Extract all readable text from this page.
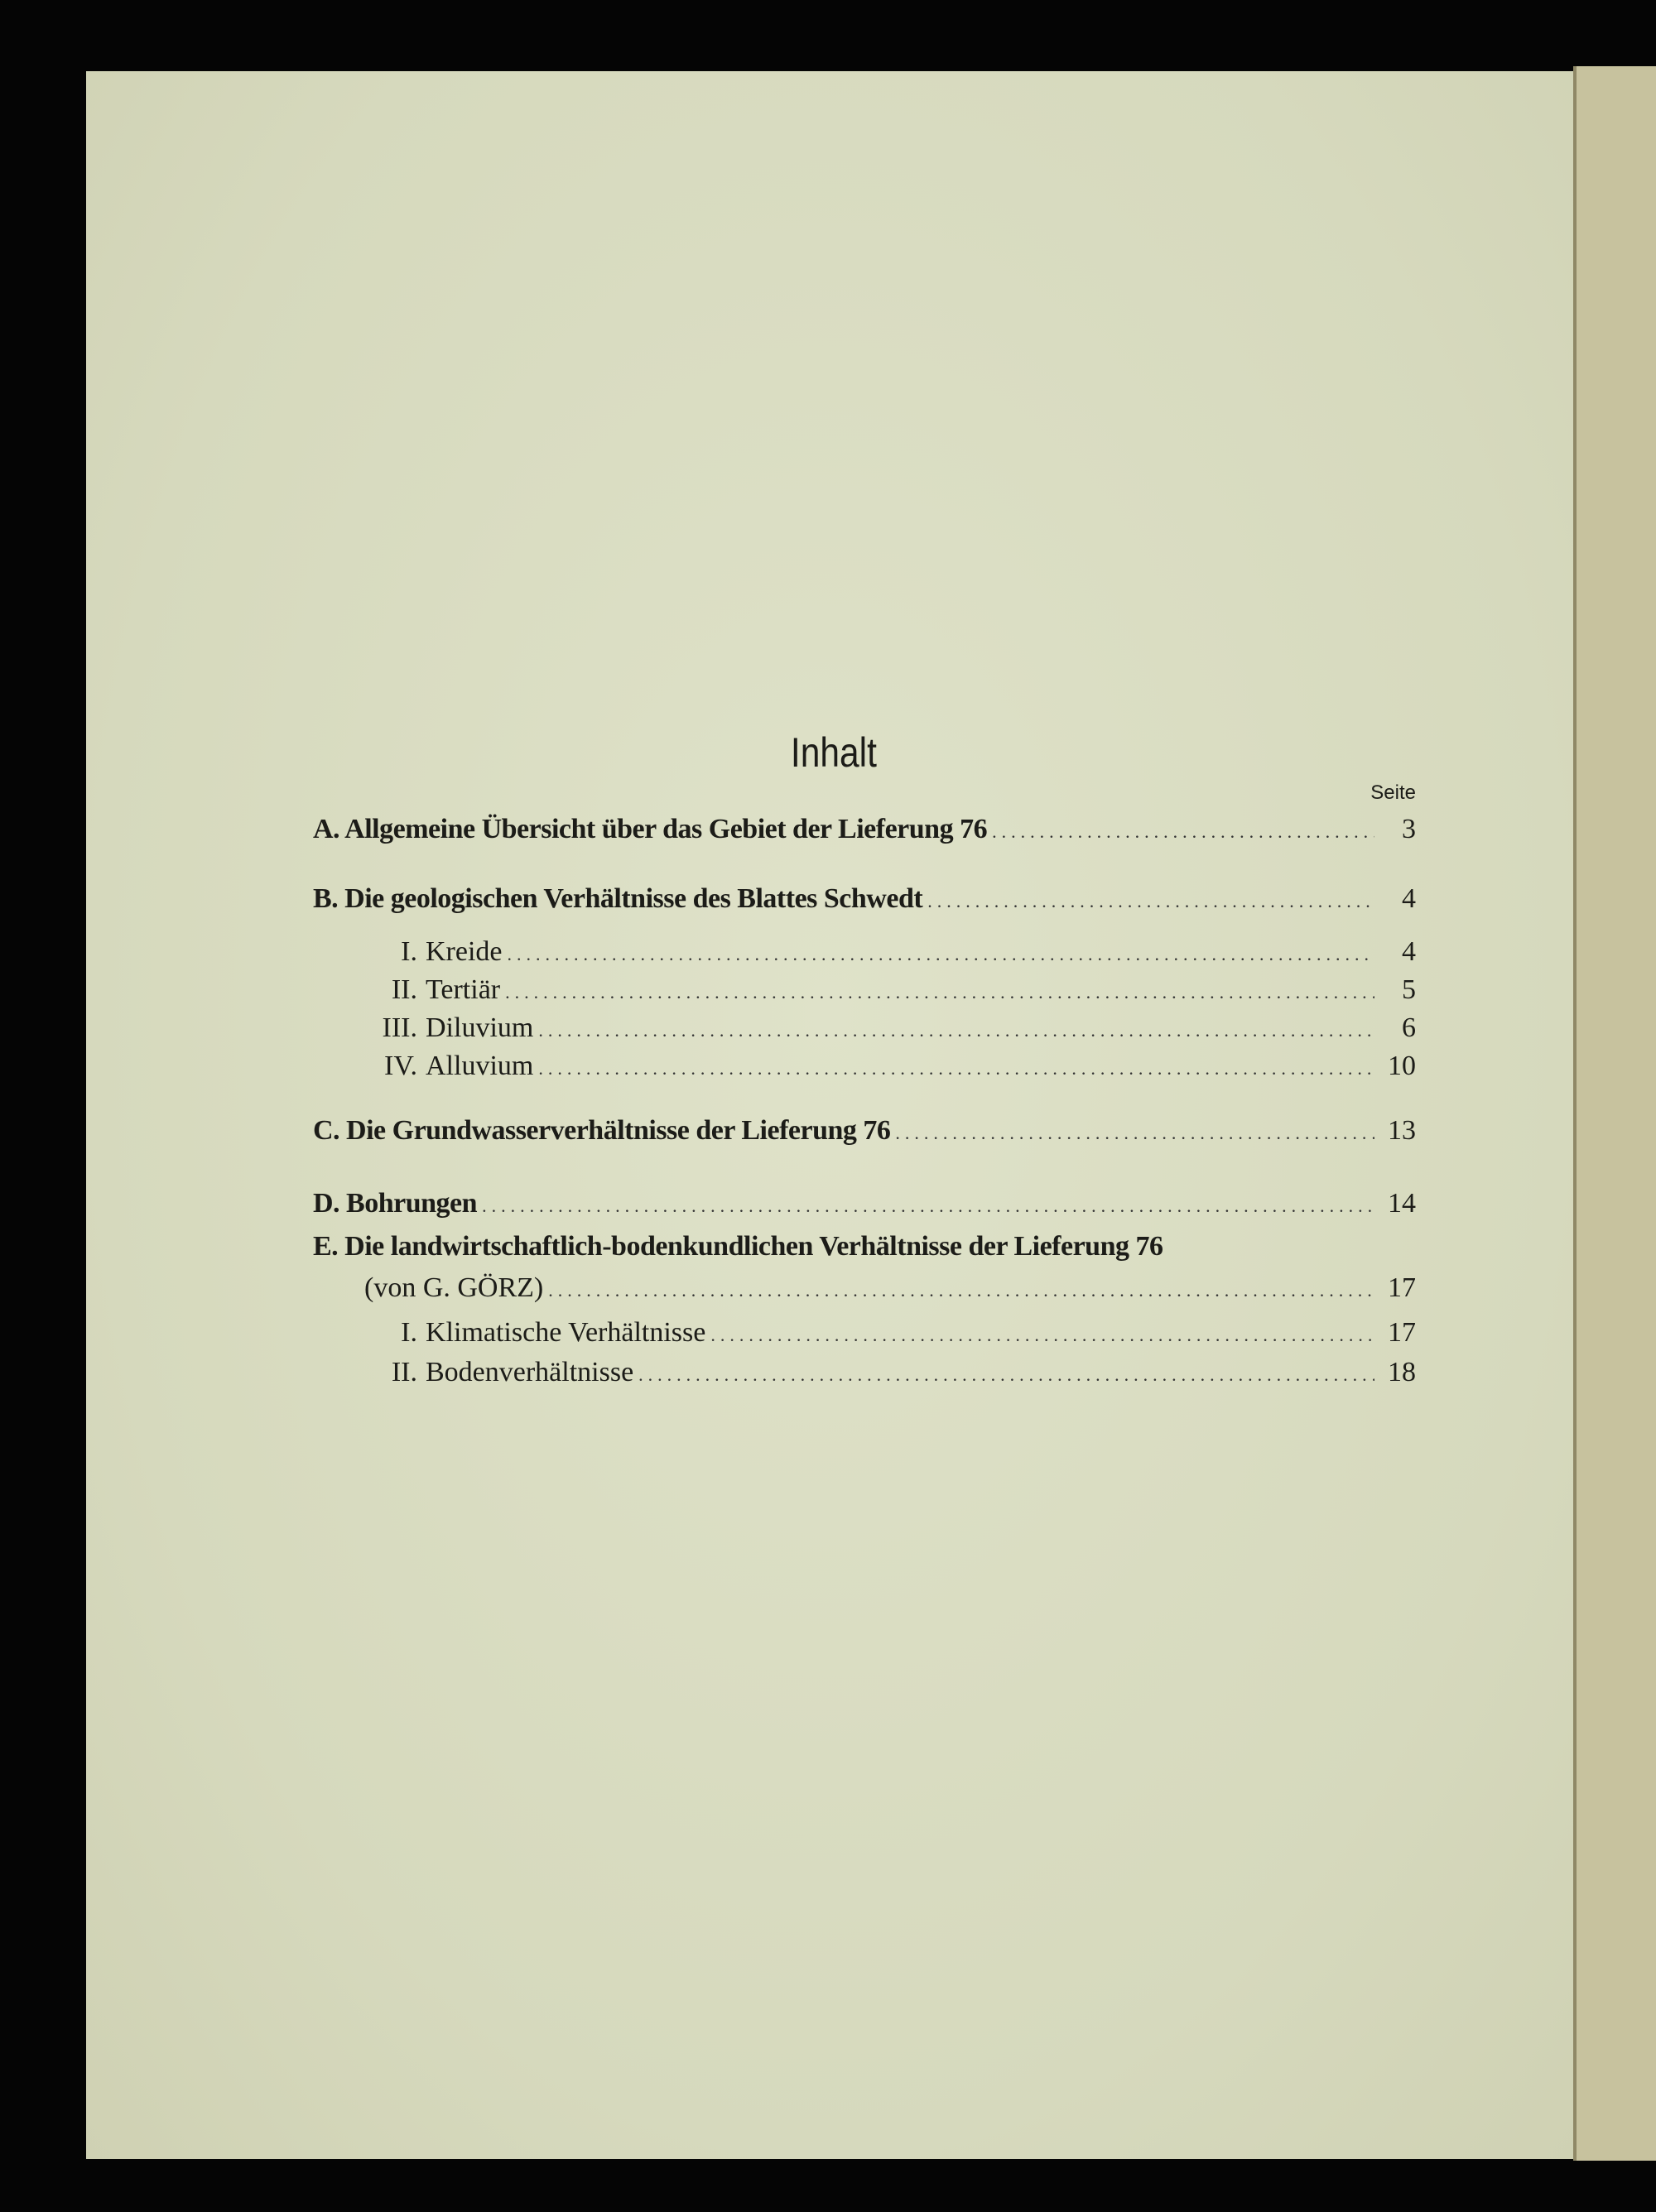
Inhalt
Seite
A. Allgemeine Übersicht über das Gebiet der Lieferung 76 .....	3
B. Die geologischen Verhältnisse des Blattes Schwedt .....	4
I. Kreide .....	4
II. Tertiär .....	5
III. Diluvium .....	6
IV. Alluvium .....	10
C. Die Grundwasserverhältnisse der Lieferung 76 .....	13
D. Bohrungen .....	14
E. Die landwirtschaftlich-bodenkundlichen Verhältnisse der Lieferung 76
(von G. GÖRZ) .....	17
I. Klimatische Verhältnisse .....	17
II. Bodenverhältnisse .....	18
